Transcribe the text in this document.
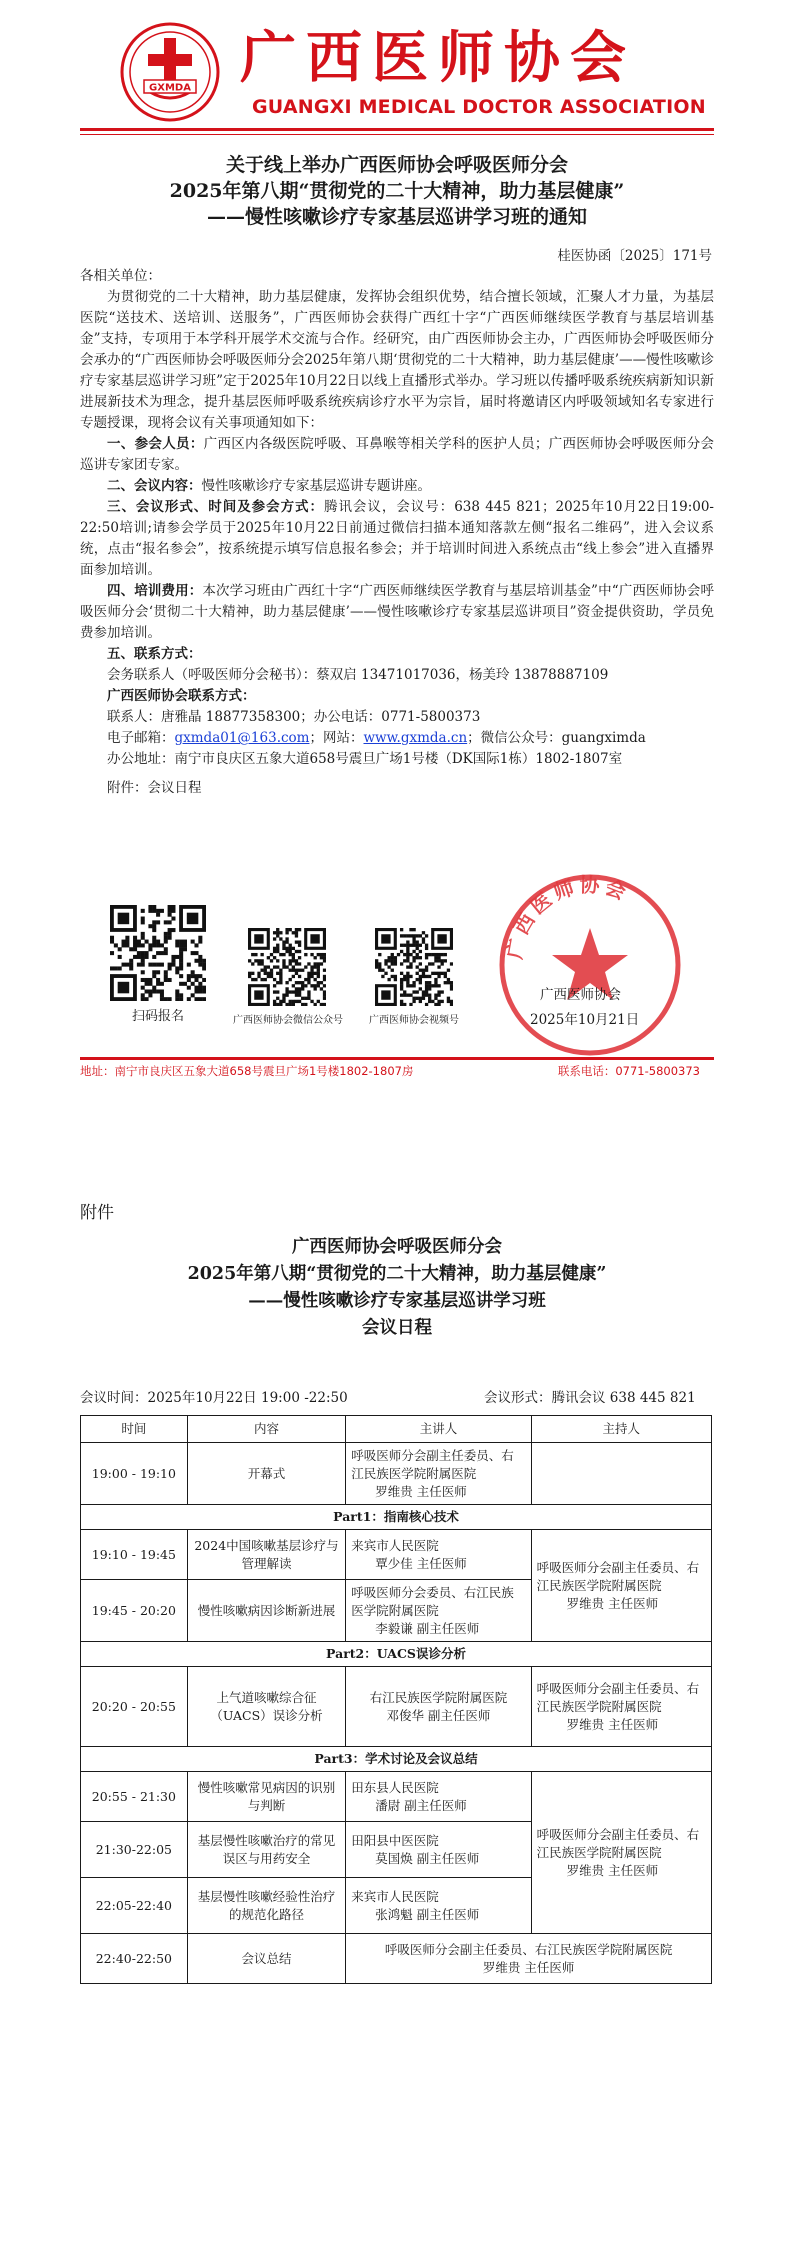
GXMDA 广西医师协会
GUANGXI MEDICAL DOCTOR ASSOCIATION
关于线上举办广西医师协会呼吸医师分会
2025年第八期“贯彻党的二十大精神，助力基层健康”
——慢性咳嗽诊疗专家基层巡讲学习班的通知
桂医协函〔2025〕171号

各相关单位：

为贯彻党的二十大精神，助力基层健康，发挥协会组织优势，结合擅长领域，汇聚人才力量，为基层医院“送技术、送培训、送服务”，广西医师协会获得广西红十字“广西医师继续医学教育与基层培训基金”支持，专项用于本学科开展学术交流与合作。经研究，由广西医师协会主办，广西医师协会呼吸医师分会承办的“广西医师协会呼吸医师分会2025年第八期‘贯彻党的二十大精神，助力基层健康’——慢性咳嗽诊疗专家基层巡讲学习班”定于2025年10月22日以线上直播形式举办。学习班以传播呼吸系统疾病新知识新进展新技术为理念，提升基层医师呼吸系统疾病诊疗水平为宗旨，届时将邀请区内呼吸领域知名专家进行专题授课，现将会议有关事项通知如下：

一、参会人员：广西区内各级医院呼吸、耳鼻喉等相关学科的医护人员；广西医师协会呼吸医师分会巡讲专家团专家。

二、会议内容：慢性咳嗽诊疗专家基层巡讲专题讲座。

三、会议形式、时间及参会方式：腾讯会议，会议号：638 445 821；2025年10月22日19:00-22:50培训;请参会学员于2025年10月22日前通过微信扫描本通知落款左侧“报名二维码”，进入会议系统，点击“报名参会”，按系统提示填写信息报名参会；并于培训时间进入系统点击“线上参会”进入直播界面参加培训。

四、培训费用：本次学习班由广西红十字“广西医师继续医学教育与基层培训基金”中“广西医师协会呼吸医师分会‘贯彻二十大精神，助力基层健康’——慢性咳嗽诊疗专家基层巡讲项目”资金提供资助，学员免费参加培训。

五、联系方式：

会务联系人（呼吸医师分会秘书）：蔡双启 13471017036，杨美玲 13878887109

广西医师协会联系方式：

联系人：唐雅晶 18877358300；办公电话：0771-5800373

电子邮箱：gxmda01@163.com；网站：www.gxmda.cn；微信公众号：guangximda

办公地址：南宁市良庆区五象大道658号震旦广场1号楼（DK国际1栋）1802-1807室

附件：会议日程

扫码报名	广西医师协会微信公众号	广西医师协会视频号
广西医师协会
广西医师协会
2025年10月21日
地址：南宁市良庆区五象大道658号震旦广场1号楼1802-1807房	联系电话：0771-5800373
附件
广西医师协会呼吸医师分会
2025年第八期“贯彻党的二十大精神，助力基层健康”
——慢性咳嗽诊疗专家基层巡讲学习班
会议日程
会议时间：2025年10月22日 19:00 -22:50	会议形式：腾讯会议 638 445 821
时间	内容	主讲人	主持人
19:00 - 19:10	开幕式	呼吸医师分会副主任委员、右江民族医学院附属医院
罗维贵 主任医师	

Part1：指南核心技术			
19:10 - 19:45	2024中国咳嗽基层诊疗与管理解读	来宾市人民医院
覃少佳 主任医师	呼吸医师分会副主任委员、右江民族医学院附属医院
罗维贵 主任医师

19:45 - 20:20	慢性咳嗽病因诊断新进展	呼吸医师分会委员、右江民族医学院附属医院
李毅谦 副主任医师	

Part2：UACS误诊分析			
20:20 - 20:55	上气道咳嗽综合征（UACS）误诊分析	右江民族医学院附属医院
邓俊华 副主任医师	呼吸医师分会副主任委员、右江民族医学院附属医院
罗维贵 主任医师

Part3：学术讨论及会议总结			
20:55 - 21:30	慢性咳嗽常见病因的识别与判断	田东县人民医院
潘尉 副主任医师	呼吸医师分会副主任委员、右江民族医学院附属医院
罗维贵 主任医师

21:30-22:05	基层慢性咳嗽治疗的常见误区与用药安全	田阳县中医医院
莫国焕 副主任医师	

22:05-22:40	基层慢性咳嗽经验性治疗的规范化路径	来宾市人民医院
张鸿魁 副主任医师	

22:40-22:50	会议总结	呼吸医师分会副主任委员、右江民族医学院附属医院
罗维贵 主任医师	
